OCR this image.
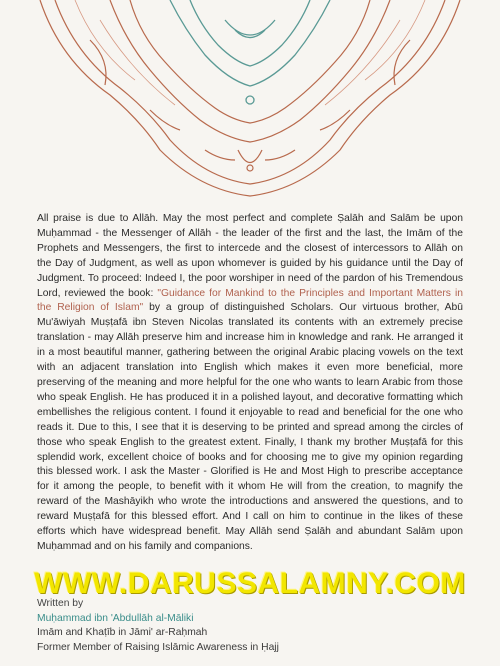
All praise is due to Allāh. May the most perfect and complete Ṣalāh and Salām be upon Muḥammad - the Messenger of Allāh - the leader of the first and the last, the Imām of the Prophets and Messengers, the first to intercede and the closest of intercessors to Allāh on the Day of Judgment, as well as upon whomever is guided by his guidance until the Day of Judgment. To proceed: Indeed I, the poor worshiper in need of the pardon of his Tremendous Lord, reviewed the book: "Guidance for Mankind to the Principles and Important Matters in the Religion of Islam" by a group of distinguished Scholars. Our virtuous brother, Abū Mu'āwiyah Muṣṭafā ibn Steven Nicolas translated its contents with an extremely precise translation - may Allāh preserve him and increase him in knowledge and rank. He arranged it in a most beautiful manner, gathering between the original Arabic placing vowels on the text with an adjacent translation into English which makes it even more beneficial, more preserving of the meaning and more helpful for the one who wants to learn Arabic from those who speak English. He has produced it in a polished layout, and decorative formatting which embellishes the religious content. I found it enjoyable to read and beneficial for the one who reads it. Due to this, I see that it is deserving to be printed and spread among the circles of those who speak English to the greatest extent. Finally, I thank my brother Muṣṭafā for this splendid work, excellent choice of books and for choosing me to give my opinion regarding this blessed work. I ask the Master - Glorified is He and Most High to prescribe acceptance for it among the people, to benefit with it whom He will from the creation, to magnify the reward of the Mashāyikh who wrote the introductions and answered the questions, and to reward Muṣṭafā for this blessed effort. And I call on him to continue in the likes of these efforts which have widespread benefit. May Allāh send Ṣalāh and abundant Salām upon Muḥammad and on his family and companions.

WWW.DARUSSALAMNY.COM
Written by
Muḥammad ibn 'Abdullāh al-Māliki
Imām and Khaṭīb in Jāmi' ar-Raḥmah
Former Member of Raising Islāmic Awareness in Ḥajj
